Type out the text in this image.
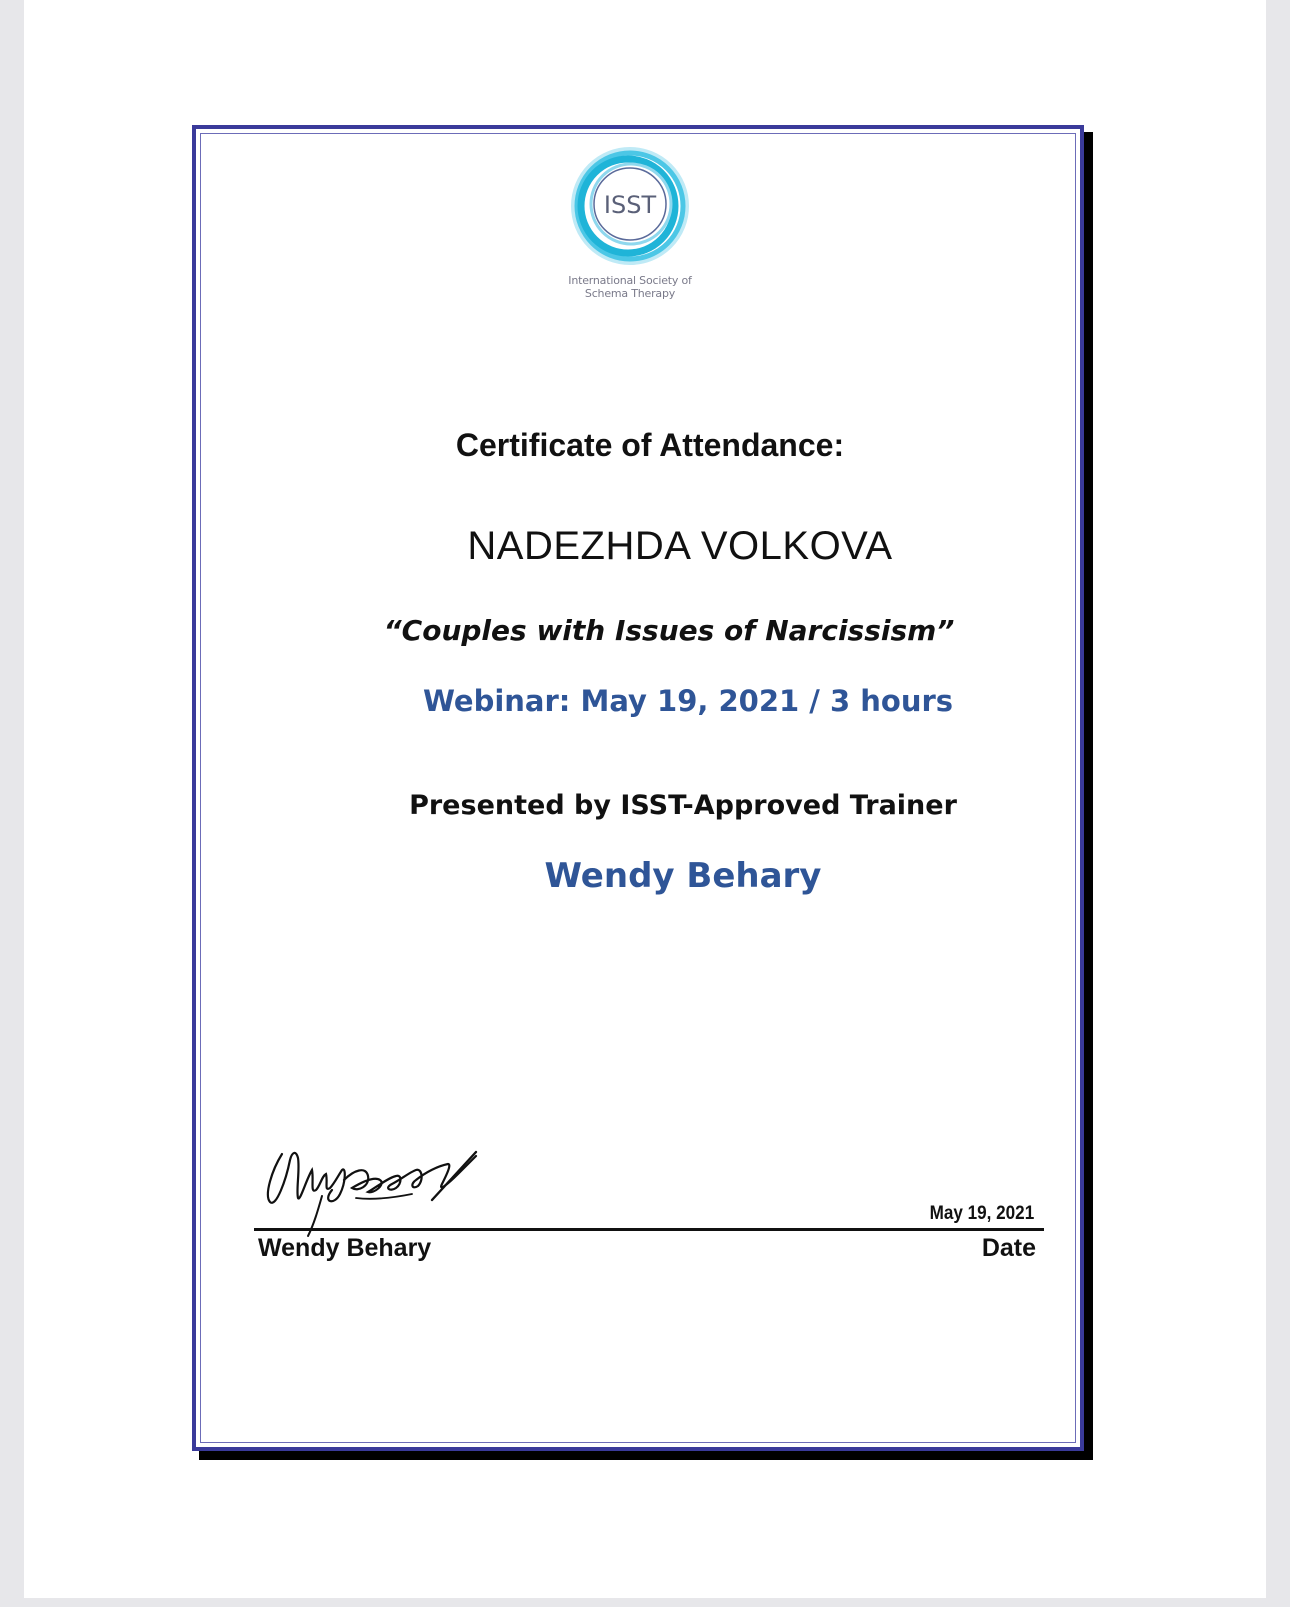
ISST
International Society of
Schema Therapy
Certificate of Attendance:
NADEZHDA VOLKOVA
“Couples with Issues of Narcissism”
Webinar: May 19, 2021 / 3 hours
Presented by ISST-Approved Trainer
Wendy Behary
Wendy Behary
May 19, 2021
Date
